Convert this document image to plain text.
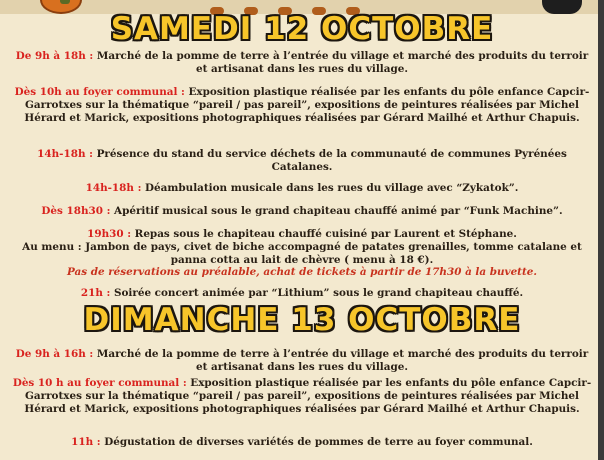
SAMEDI 12 OCTOBRE
De 9h à 18h : Marché de la pomme de terre à l’entrée du village et marché des produits du terroir et artisanat dans les rues du village.
Dès 10h au foyer communal : Exposition plastique réalisée par les enfants du pôle enfance Capcir-Garrotxes sur la thématique “pareil / pas pareil”, expositions de peintures réalisées par Michel Hérard et Marick, expositions photographiques réalisées par Gérard Mailhé et Arthur Chapuis.
14h-18h : Présence du stand du service déchets de la communauté de communes Pyrénées Catalanes.
14h-18h : Déambulation musicale dans les rues du village avec “Zykatok”.
Dès 18h30 : Apéritif musical sous le grand chapiteau chauffé animé par “Funk Machine”.
19h30 : Repas sous le chapiteau chauffé cuisiné par Laurent et Stéphane.
Au menu : Jambon de pays, civet de biche accompagné de patates grenailles, tomme catalane et panna cotta au lait de chèvre ( menu à 18 €).
Pas de réservations au préalable, achat de tickets à partir de 17h30 à la buvette.
21h : Soirée concert animée par “Lithium” sous le grand chapiteau chauffé.
DIMANCHE 13 OCTOBRE
De 9h à 16h : Marché de la pomme de terre à l’entrée du village et marché des produits du terroir et artisanat dans les rues du village.
Dès 10 h au foyer communal : Exposition plastique réalisée par les enfants du pôle enfance Capcir-Garrotxes sur la thématique “pareil / pas pareil”, expositions de peintures réalisées par Michel Hérard et Marick, expositions photographiques réalisées par Gérard Mailhé et Arthur Chapuis.
11h : Dégustation de diverses variétés de pommes de terre au foyer communal.
